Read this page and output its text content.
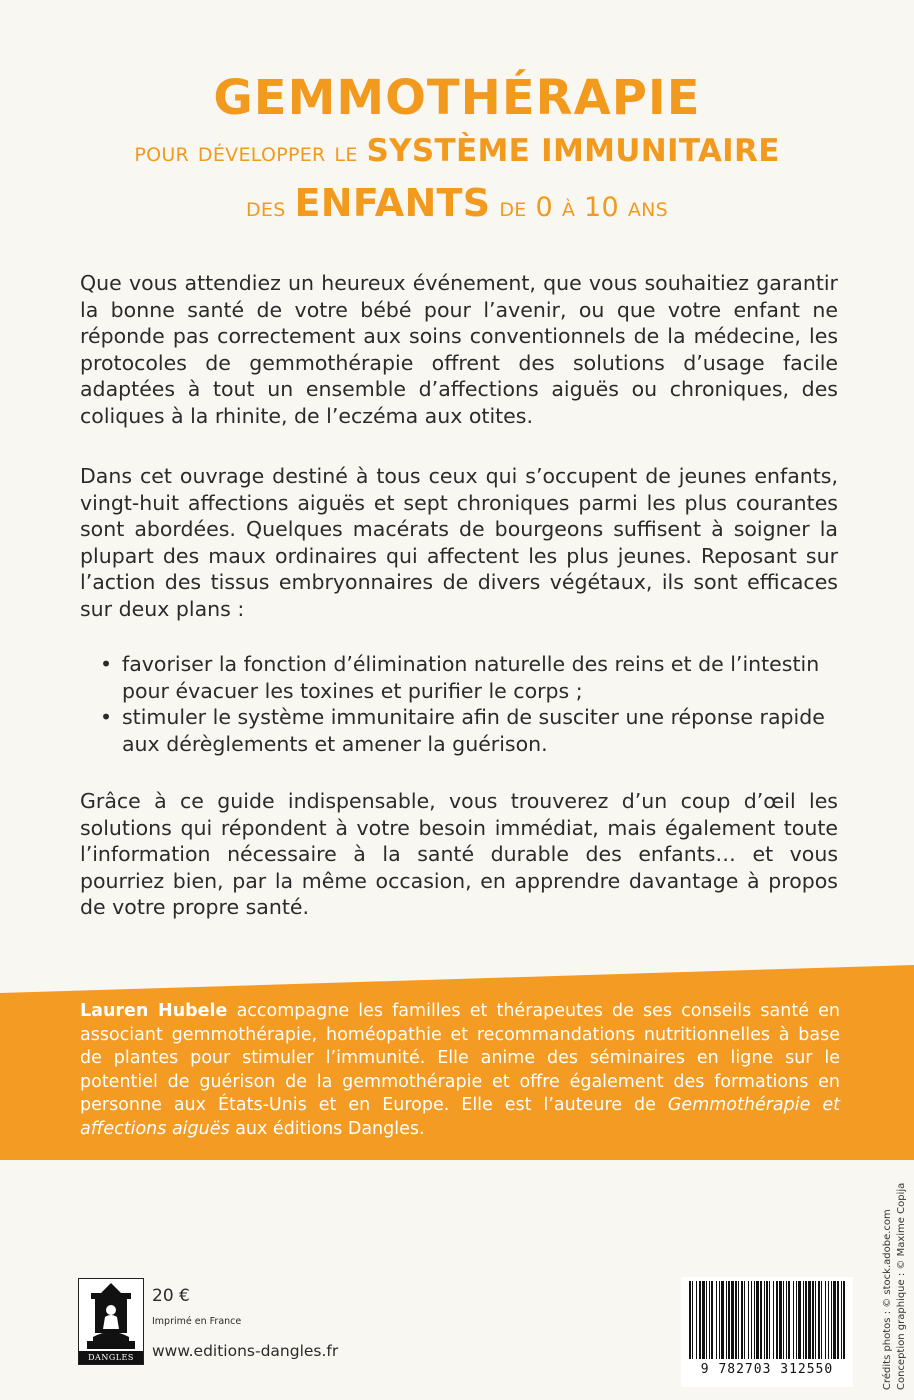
GEMMOTHÉRAPIE
pour développer le SYSTÈME IMMUNITAIRE
des ENFANTS de 0 à 10 ans

Que vous attendiez un heureux événement, que vous souhaitiez garantir la bonne santé de votre bébé pour l’avenir, ou que votre enfant ne réponde pas correctement aux soins conventionnels de la médecine, les protocoles de gemmothérapie offrent des solutions d’usage facile adaptées à tout un ensemble d’affections aiguës ou chroniques, des coliques à la rhinite, de l’eczéma aux otites.

Dans cet ouvrage destiné à tous ceux qui s’occupent de jeunes enfants, vingt-huit affections aiguës et sept chroniques parmi les plus courantes sont abordées. Quelques macérats de bourgeons suffisent à soigner la plupart des maux ordinaires qui affectent les plus jeunes. Reposant sur l’action des tissus embryonnaires de divers végétaux, ils sont efficaces sur deux plans :

• favoriser la fonction d’élimination naturelle des reins et de l’intestin pour évacuer les toxines et purifier le corps ;
• stimuler le système immunitaire afin de susciter une réponse rapide aux dérèglements et amener la guérison.

Grâce à ce guide indispensable, vous trouverez d’un coup d’œil les solutions qui répondent à votre besoin immédiat, mais également toute l’information nécessaire à la santé durable des enfants… et vous pourriez bien, par la même occasion, en apprendre davantage à propos de votre propre santé.

Lauren Hubele accompagne les familles et thérapeutes de ses conseils santé en associant gemmothérapie, homéopathie et recommandations nutritionnelles à base de plantes pour stimuler l’immunité. Elle anime des séminaires en ligne sur le potentiel de guérison de la gemmothérapie et offre également des formations en personne aux États-Unis et en Europe. Elle est l’auteure de Gemmothérapie et affections aiguës aux éditions Dangles.

DANGLES
20 €
Imprimé en France
www.editions-dangles.fr
9 782703 312550	Crédits photos : © stock.adobe.com Conception graphique : © Maxime Copija
